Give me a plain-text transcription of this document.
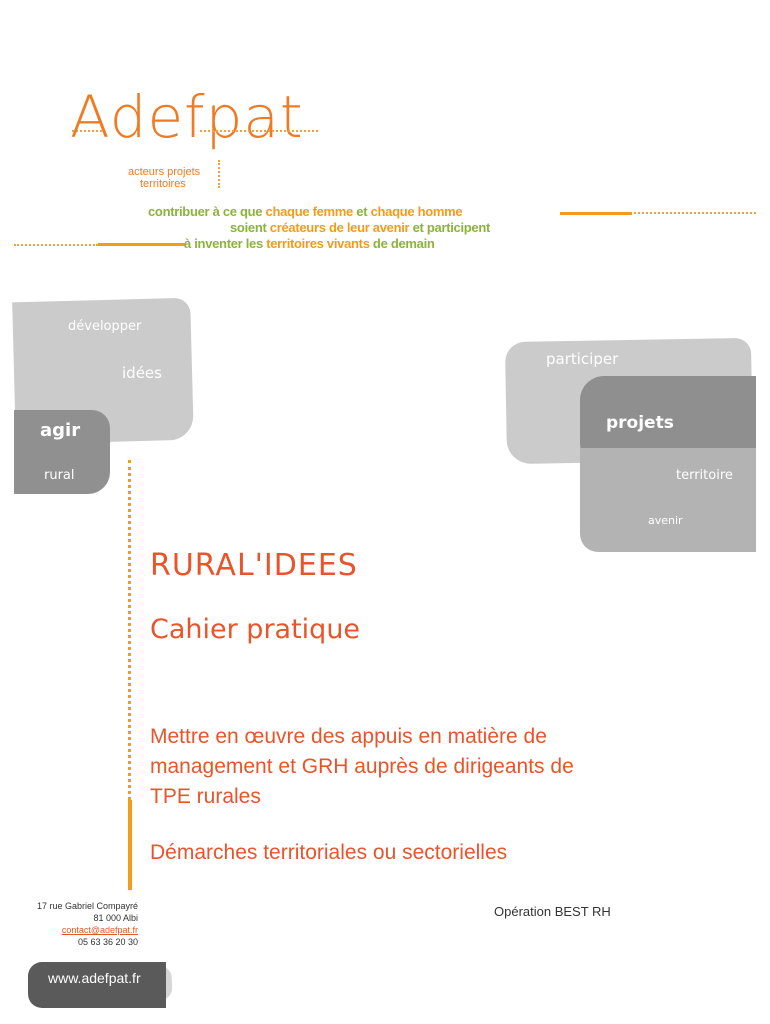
Adefpat
acteurs projets
territoires
contribuer à ce que chaque femme et chaque homme
soient créateurs de leur avenir et participent
à inventer les territoires vivants de demain
développer
idées
agir
rural
participer
projets
territoire
avenir
RURAL'IDEES
Cahier pratique
Mettre en œuvre des appuis en matière de management et GRH auprès de dirigeants de TPE rurales
Démarches territoriales ou sectorielles
17 rue Gabriel Compayré
81 000 Albi
contact@adefpat.fr
05 63 36 20 30
Opération BEST RH
www.adefpat.fr
